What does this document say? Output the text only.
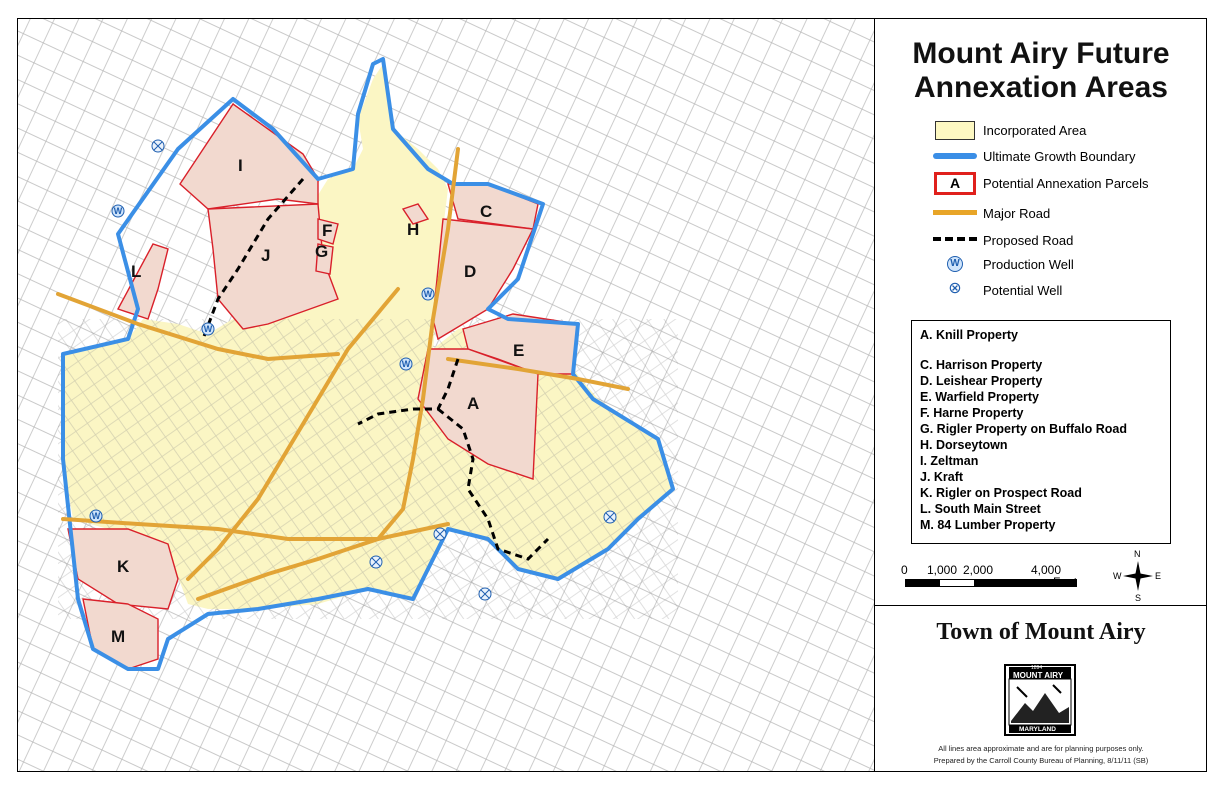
W
W
W
W
W
I
J
L
F
G
H
C
D
E
A
K
M
Mount Airy Future Annexation Areas
Incorporated Area
Ultimate Growth Boundary
A	Potential Annexation Parcels
Major Road
Proposed Road
W Production Well
⊗ Potential Well
A. Knill Property
C. Harrison Property
D. Leishear Property
E. Warfield Property
F. Harne Property
G. Rigler Property on Buffalo Road
H. Dorseytown
I. Zeltman
J. Kraft
K. Rigler on Prospect Road
L. South Main Street
M. 84 Lumber Property
0 1,000 2,000	4,000
Feet
N
W	E
S
Town of Mount Airy
1894
MOUNT AIRY
MARYLAND
All lines area approximate and are for planning purposes only.
Prepared by the Carroll County Bureau of Planning, 8/11/11 (SB)
